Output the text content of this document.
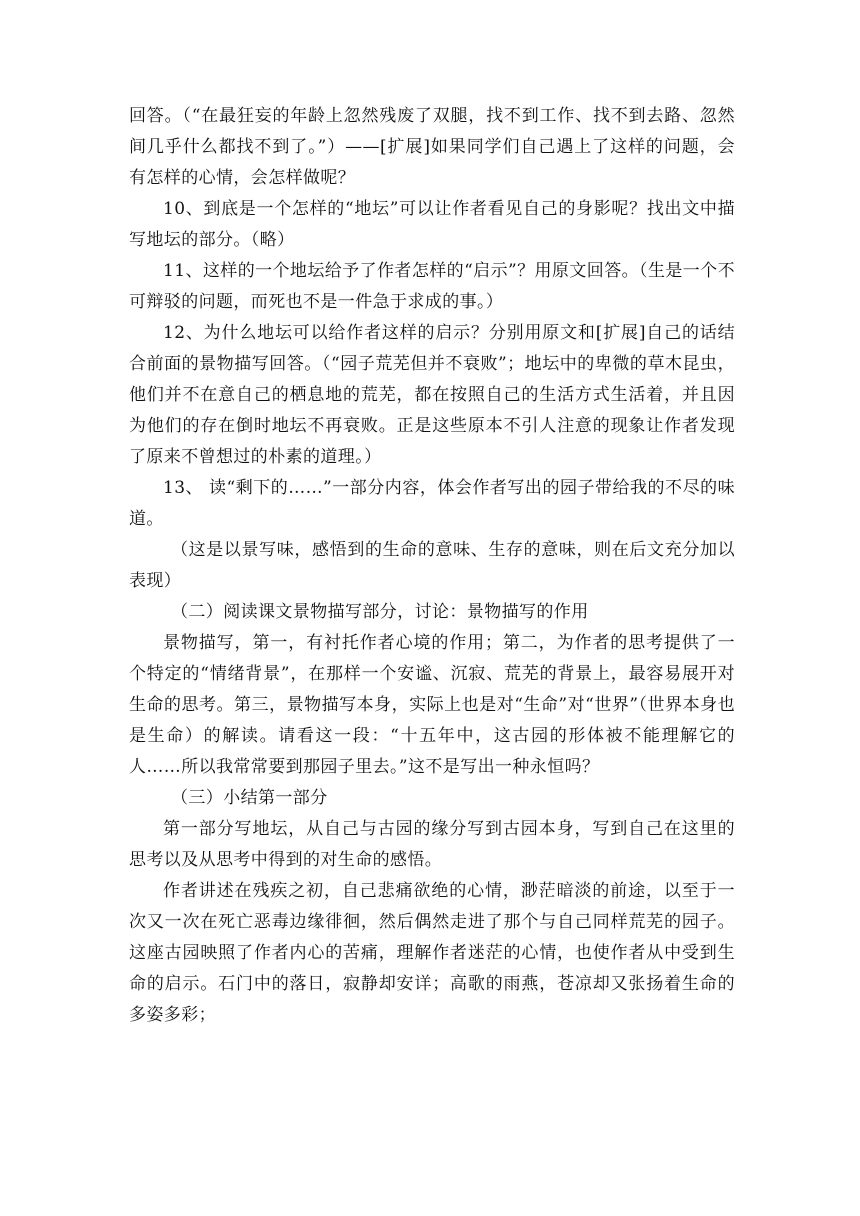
回答。（“在最狂妄的年龄上忽然残废了双腿，找不到工作、找不到去路、忽然间几乎什么都找不到了。”）——[扩展]如果同学们自己遇上了这样的问题，会有怎样的心情，会怎样做呢？

10、到底是一个怎样的“地坛”可以让作者看见自己的身影呢？找出文中描写地坛的部分。（略）

11、这样的一个地坛给予了作者怎样的“启示”？用原文回答。（生是一个不可辩驳的问题，而死也不是一件急于求成的事。）

12、为什么地坛可以给作者这样的启示？分别用原文和[扩展]自己的话结合前面的景物描写回答。（“园子荒芜但并不衰败”；地坛中的卑微的草木昆虫，他们并不在意自己的栖息地的荒芜，都在按照自己的生活方式生活着，并且因为他们的存在倒时地坛不再衰败。正是这些原本不引人注意的现象让作者发现了原来不曾想过的朴素的道理。）

13、 读“剩下的……”一部分内容，体会作者写出的园子带给我的不尽的味道。

（这是以景写味，感悟到的生命的意味、生存的意味，则在后文充分加以表现）

（二）阅读课文景物描写部分，讨论：景物描写的作用

景物描写，第一，有衬托作者心境的作用；第二，为作者的思考提供了一个特定的“情绪背景”，在那样一个安谧、沉寂、荒芜的背景上，最容易展开对生命的思考。第三，景物描写本身，实际上也是对“生命”对“世界”（世界本身也是生命）的解读。请看这一段：“十五年中，这古园的形体被不能理解它的人……所以我常常要到那园子里去。”这不是写出一种永恒吗？

（三）小结第一部分

第一部分写地坛，从自己与古园的缘分写到古园本身，写到自己在这里的思考以及从思考中得到的对生命的感悟。

作者讲述在残疾之初，自己悲痛欲绝的心情，渺茫暗淡的前途，以至于一次又一次在死亡恶毒边缘徘徊，然后偶然走进了那个与自己同样荒芜的园子。这座古园映照了作者内心的苦痛，理解作者迷茫的心情，也使作者从中受到生命的启示。石门中的落日，寂静却安详；高歌的雨燕，苍凉却又张扬着生命的多姿多彩；
